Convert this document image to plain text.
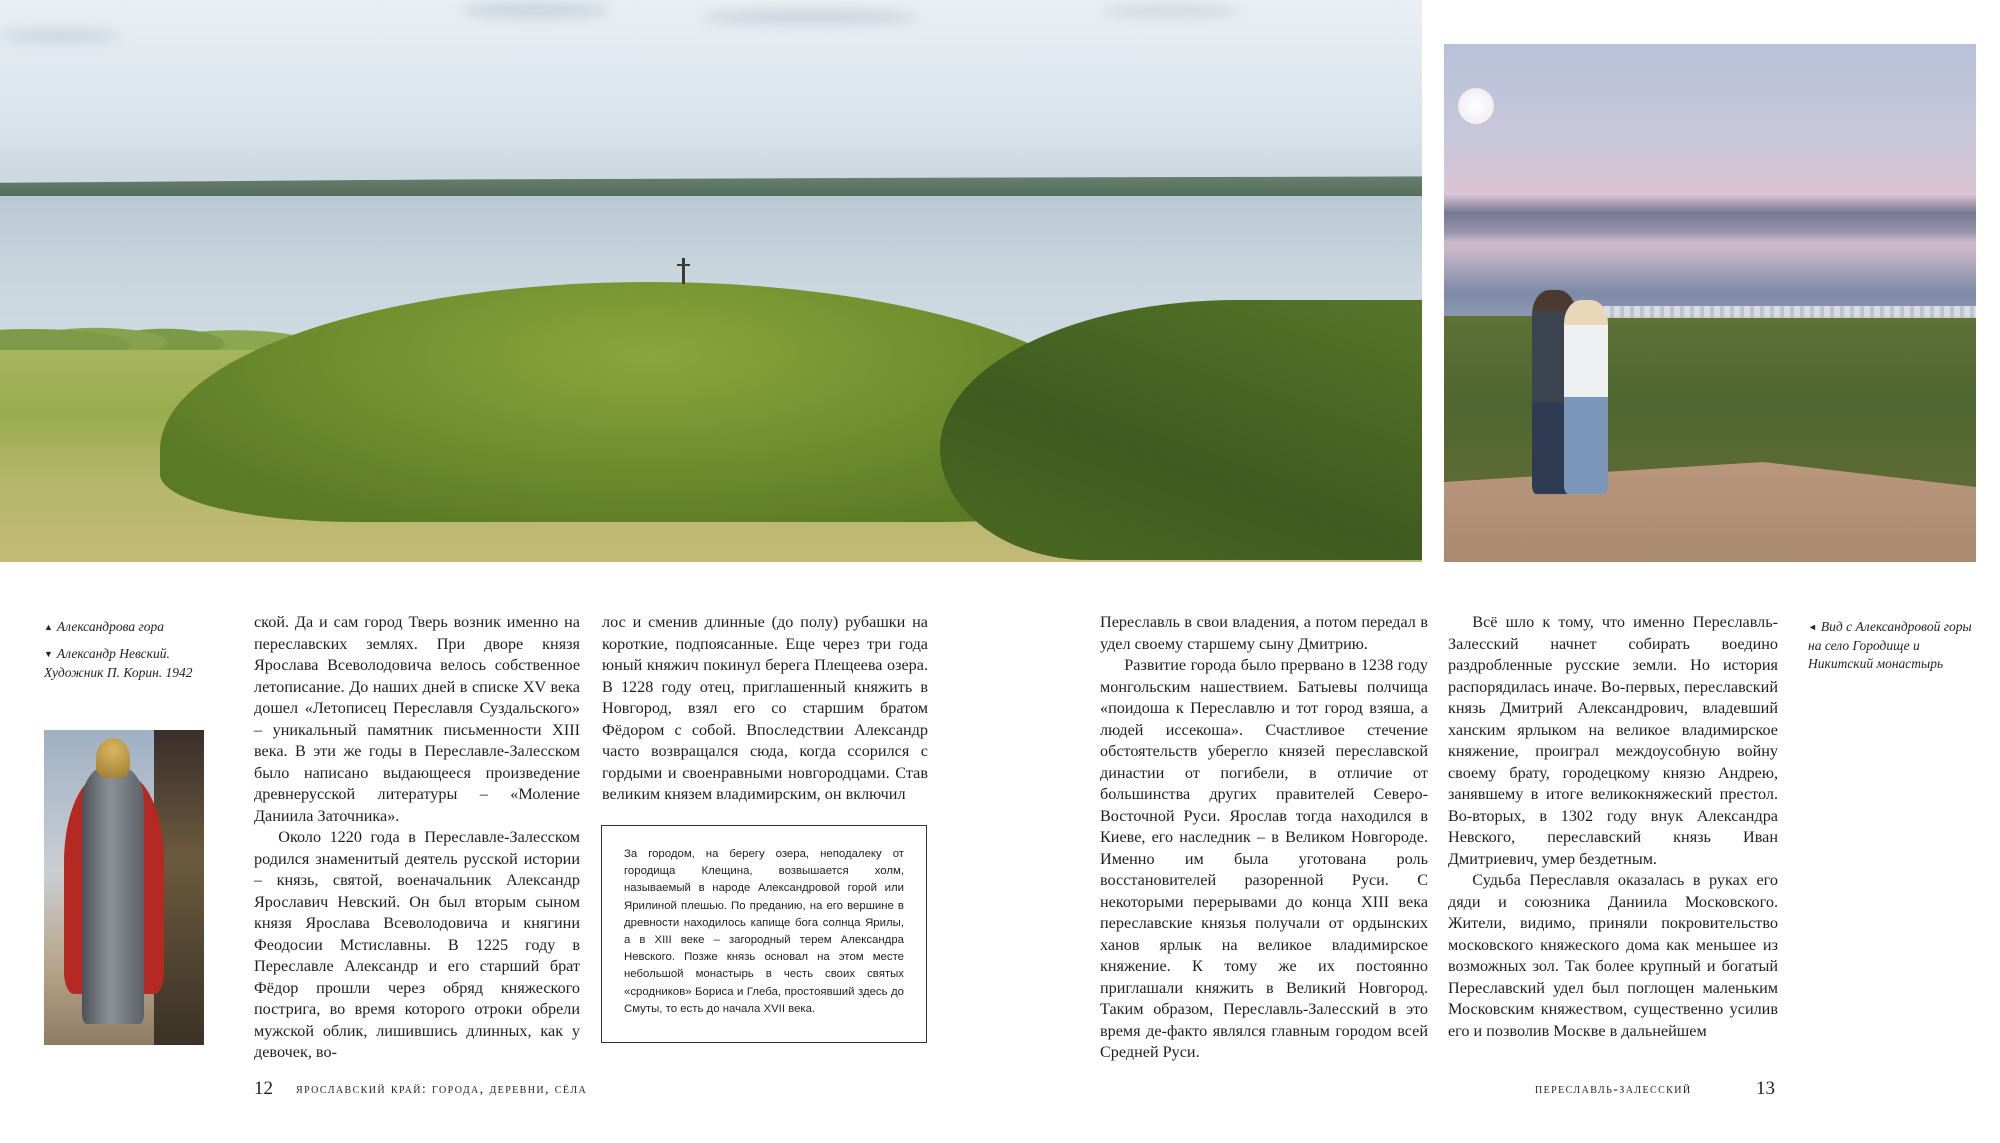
▲ Александрова гора

▼ Александр Невский. Художник П. Корин. 1942

◄ Вид с Александровой горы на село Городище и Никитский монастырь

ской. Да и сам город Тверь возник именно на переславских землях. При дворе князя Ярослава Всеволодовича велось собственное летописание. До наших дней в списке XV века дошел «Летописец Переславля Суздальского» – уникальный памятник письменности XIII века. В эти же годы в Переславле-Залесском было написано выдающееся произведение древнерусской литературы – «Моление Даниила Заточника».

Около 1220 года в Переславле-Залесском родился знаменитый деятель русской истории – князь, святой, военачальник Александр Ярославич Невский. Он был вторым сыном князя Ярослава Всеволодовича и княгини Феодосии Мстиславны. В 1225 году в Переславле Александр и его старший брат Фёдор прошли через обряд княжеского пострига, во время которого отроки обрели мужской облик, лишившись длинных, как у девочек, во-

лос и сменив длинные (до полу) рубашки на короткие, подпоясанные. Еще через три года юный княжич покинул берега Плещеева озера. В 1228 году отец, приглашенный княжить в Новгород, взял его со старшим братом Фёдором с собой. Впоследствии Александр часто возвращался сюда, когда ссорился с гордыми и своенравными новгородцами. Став великим князем владимирским, он включил

За городом, на берегу озера, неподалеку от городища Клещина, возвышается холм, называемый в народе Александровой горой или Ярилиной плешью. По преданию, на его вершине в древности находилось капище бога солнца Ярилы, а в XIII веке – загородный терем Александра Невского. Позже князь основал на этом месте небольшой монастырь в честь своих святых «сродников» Бориса и Глеба, простоявший здесь до Смуты, то есть до начала XVII века.

Переславль в свои владения, а потом передал в удел своему старшему сыну Дмитрию.

Развитие города было прервано в 1238 году монгольским нашествием. Батыевы полчища «поидоша к Переславлю и тот город взяша, а людей иссекоша». Счастливое стечение обстоятельств уберегло князей переславской династии от погибели, в отличие от большинства других правителей Северо-Восточной Руси. Ярослав тогда находился в Киеве, его наследник – в Великом Новгороде. Именно им была уготована роль восстановителей разоренной Руси. С некоторыми перерывами до конца XIII века переславские князья получали от ордынских ханов ярлык на великое владимирское княжение. К тому же их постоянно приглашали княжить в Великий Новгород. Таким образом, Переславль-Залесский в это время де-факто являлся главным городом всей Средней Руси.

Всё шло к тому, что именно Переславль-Залесский начнет собирать воедино раздробленные русские земли. Но история распорядилась иначе. Во-первых, переславский князь Дмитрий Александрович, владевший ханским ярлыком на великое владимирское княжение, проиграл междоусобную войну своему брату, городецкому князю Андрею, занявшему в итоге великокняжеский престол. Во-вторых, в 1302 году внук Александра Невского, переславский князь Иван Дмитриевич, умер бездетным.

Судьба Переславля оказалась в руках его дяди и союзника Даниила Московского. Жители, видимо, приняли покровительство московского княжеского дома как меньшее из возможных зол. Так более крупный и богатый Переславский удел был поглощен маленьким Московским княжеством, существенно усилив его и позволив Москве в дальнейшем

12 ярославский край: города, деревни, сёла	переславль-залесский	13
